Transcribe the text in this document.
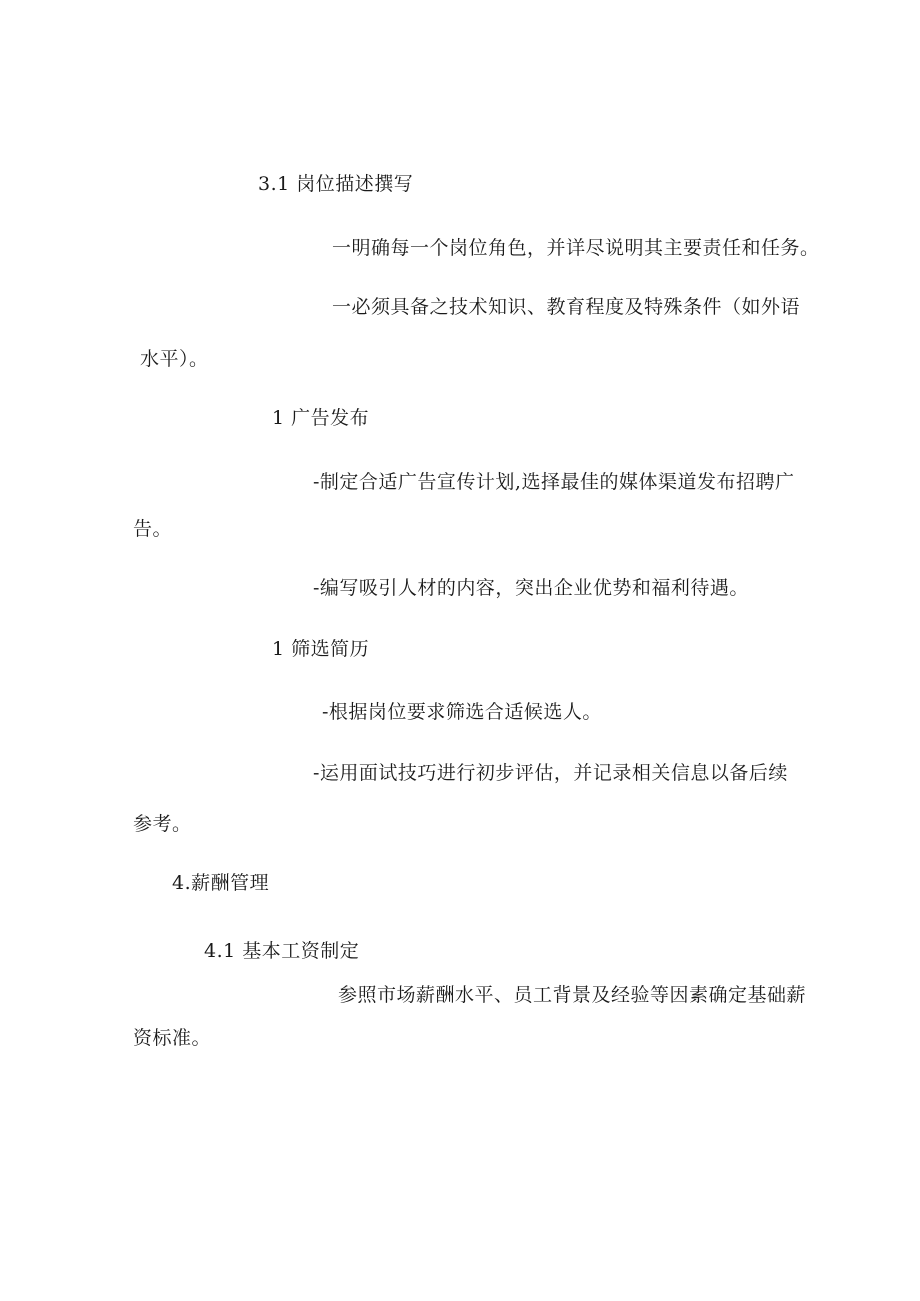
3.1 岗位描述撰写
一明确每一个岗位角色，并详尽说明其主要责任和任务。
一必须具备之技术知识、教育程度及特殊条件（如外语
水平）。
1 广告发布
-制定合适广告宣传计划,选择最佳的媒体渠道发布招聘广
告。
-编写吸引人材的内容，突出企业优势和福利待遇。
1 筛选简历
-根据岗位要求筛选合适候选人。
-运用面试技巧进行初步评估，并记录相关信息以备后续
参考。
4.薪酬管理
4.1 基本工资制定
参照市场薪酬水平、员工背景及经验等因素确定基础薪
资标准。
